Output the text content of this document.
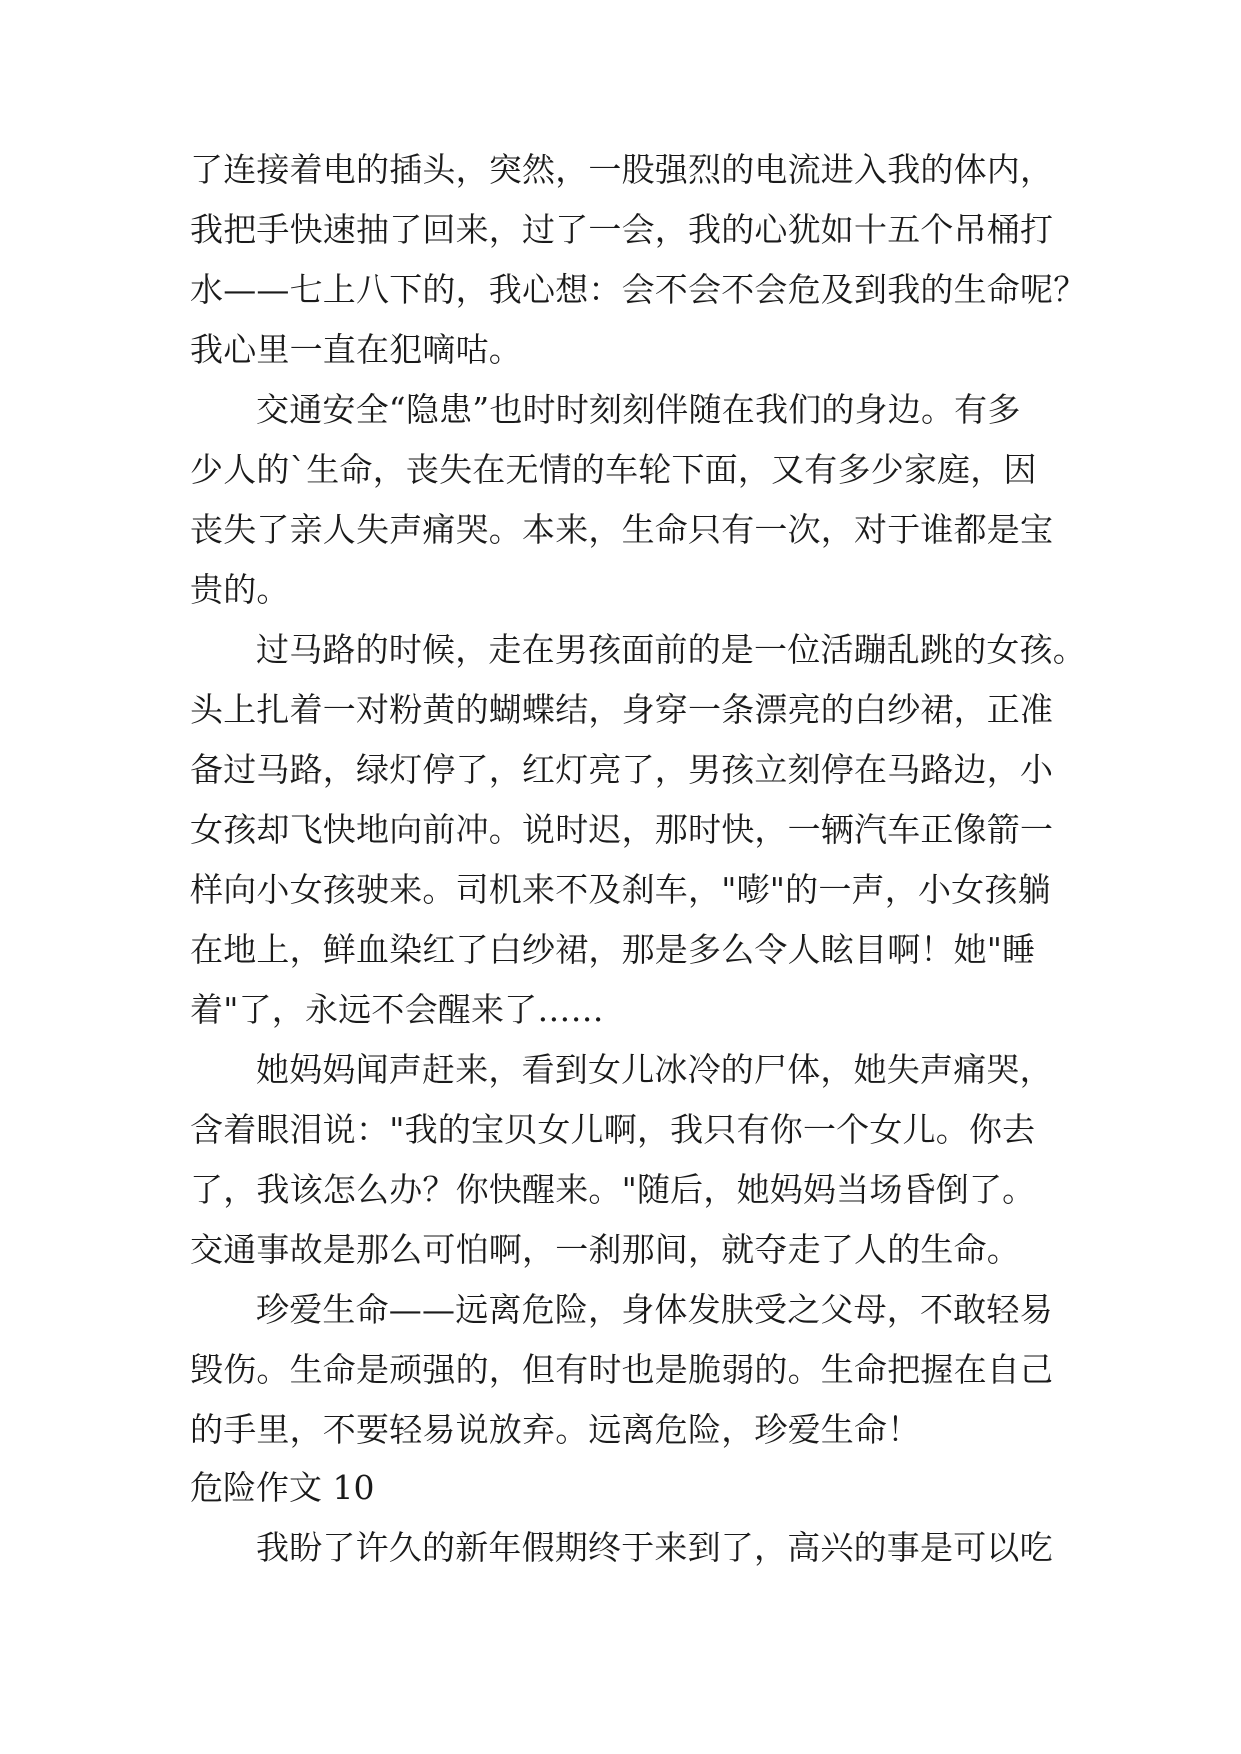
了连接着电的插头，突然，一股强烈的电流进入我的体内，
我把手快速抽了回来，过了一会，我的心犹如十五个吊桶打
水——七上八下的，我心想：会不会不会危及到我的生命呢？
我心里一直在犯嘀咕。
交通安全“隐患”也时时刻刻伴随在我们的身边。有多
少人的`生命，丧失在无情的车轮下面，又有多少家庭，因
丧失了亲人失声痛哭。本来，生命只有一次，对于谁都是宝
贵的。
过马路的时候，走在男孩面前的是一位活蹦乱跳的女孩。
头上扎着一对粉黄的蝴蝶结，身穿一条漂亮的白纱裙，正准
备过马路，绿灯停了，红灯亮了，男孩立刻停在马路边，小
女孩却飞快地向前冲。说时迟，那时快，一辆汽车正像箭一
样向小女孩驶来。司机来不及刹车，"嘭"的一声，小女孩躺
在地上，鲜血染红了白纱裙，那是多么令人眩目啊！她"睡
着"了，永远不会醒来了……
她妈妈闻声赶来，看到女儿冰冷的尸体，她失声痛哭，
含着眼泪说："我的宝贝女儿啊，我只有你一个女儿。你去
了，我该怎么办？你快醒来。"随后，她妈妈当场昏倒了。
交通事故是那么可怕啊，一刹那间，就夺走了人的生命。
珍爱生命——远离危险，身体发肤受之父母，不敢轻易
毁伤。生命是顽强的，但有时也是脆弱的。生命把握在自己
的手里，不要轻易说放弃。远离危险，珍爱生命！
危险作文 10
我盼了许久的新年假期终于来到了，高兴的事是可以吃
